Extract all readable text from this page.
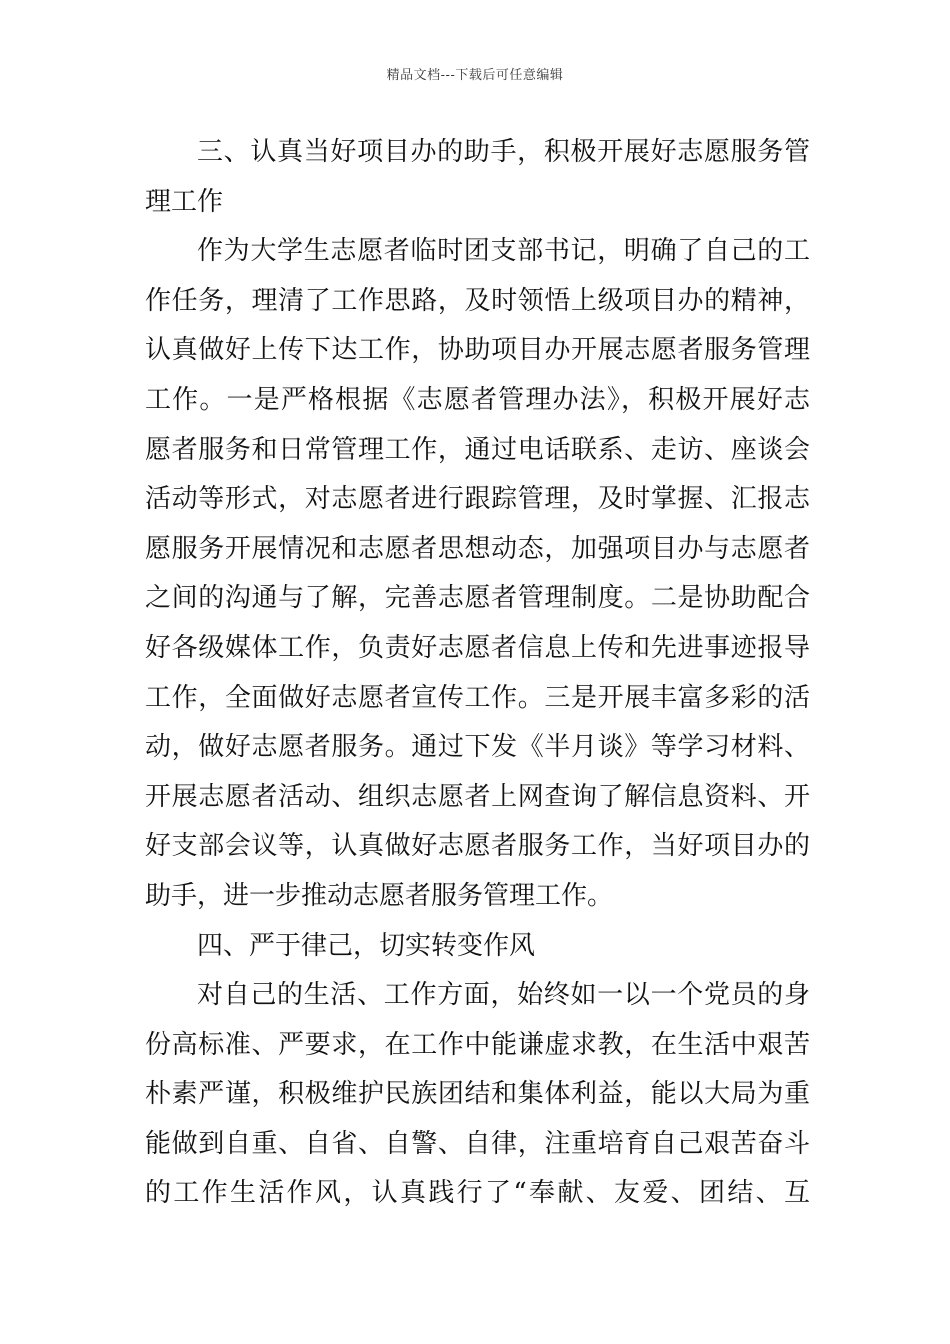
精品文档---下载后可任意编辑
三、认真当好项目办的助手，积极开展好志愿服务管
理工作
作为大学生志愿者临时团支部书记，明确了自己的工
作任务，理清了工作思路，及时领悟上级项目办的精神，
认真做好上传下达工作，协助项目办开展志愿者服务管理
工作。一是严格根据《志愿者管理办法》，积极开展好志
愿者服务和日常管理工作，通过电话联系、走访、座谈会
活动等形式，对志愿者进行跟踪管理，及时掌握、汇报志
愿服务开展情况和志愿者思想动态，加强项目办与志愿者
之间的沟通与了解，完善志愿者管理制度。二是协助配合
好各级媒体工作，负责好志愿者信息上传和先进事迹报导
工作，全面做好志愿者宣传工作。三是开展丰富多彩的活
动，做好志愿者服务。通过下发《半月谈》等学习材料、
开展志愿者活动、组织志愿者上网查询了解信息资料、开
好支部会议等，认真做好志愿者服务工作，当好项目办的
助手，进一步推动志愿者服务管理工作。
四、严于律己，切实转变作风
对自己的生活、工作方面，始终如一以一个党员的身
份高标准、严要求，在工作中能谦虚求教，在生活中艰苦
朴素严谨，积极维护民族团结和集体利益，能以大局为重
能做到自重、自省、自警、自律，注重培育自己艰苦奋斗
的工作生活作风，认真践行了“奉献、友爱、团结、互
